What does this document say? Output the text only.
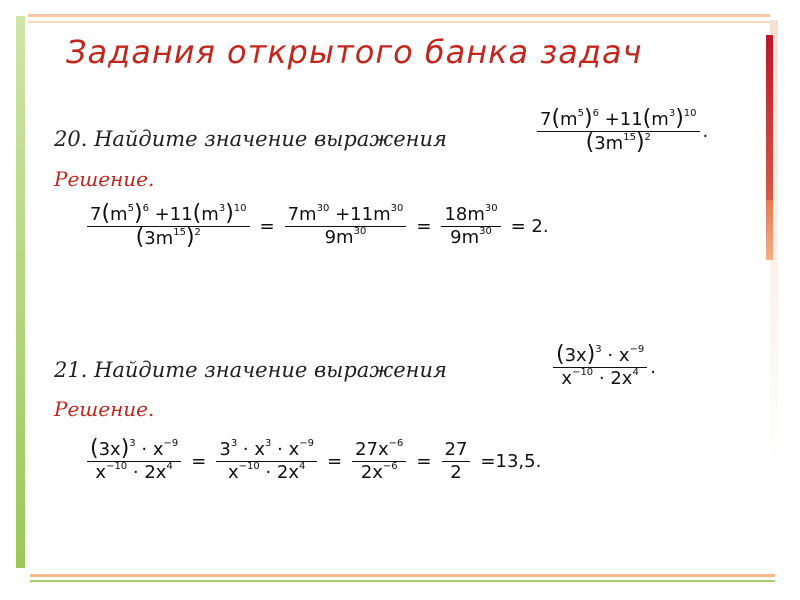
Задания открытого банка задач
20. Найдите значение выражения	$\frac{7(m^5)^6 +11(m^3)^{10}}{(3m^{15})^2}$ .
Решение.
$\frac{7(m^5)^6 +11(m^3)^{10}}{(3m^{15})^2} = \frac{7m^{30} +11m^{30}}{9m^{30}} = \frac{18m^{30}}{9m^{30}} = 2$.
21. Найдите значение выражения	$\frac{(3x)^3 \cdot x^{-9}}{x^{-10} \cdot 2x^4}$ .
Решение.
$\frac{(3x)^3 \cdot x^{-9}}{x^{-10} \cdot 2x^4} = \frac{3^3 \cdot x^3 \cdot x^{-9}}{x^{-10} \cdot 2x^4} = \frac{27x^{-6}}{2x^{-6}} = \frac{27}{2} =13,5$.
